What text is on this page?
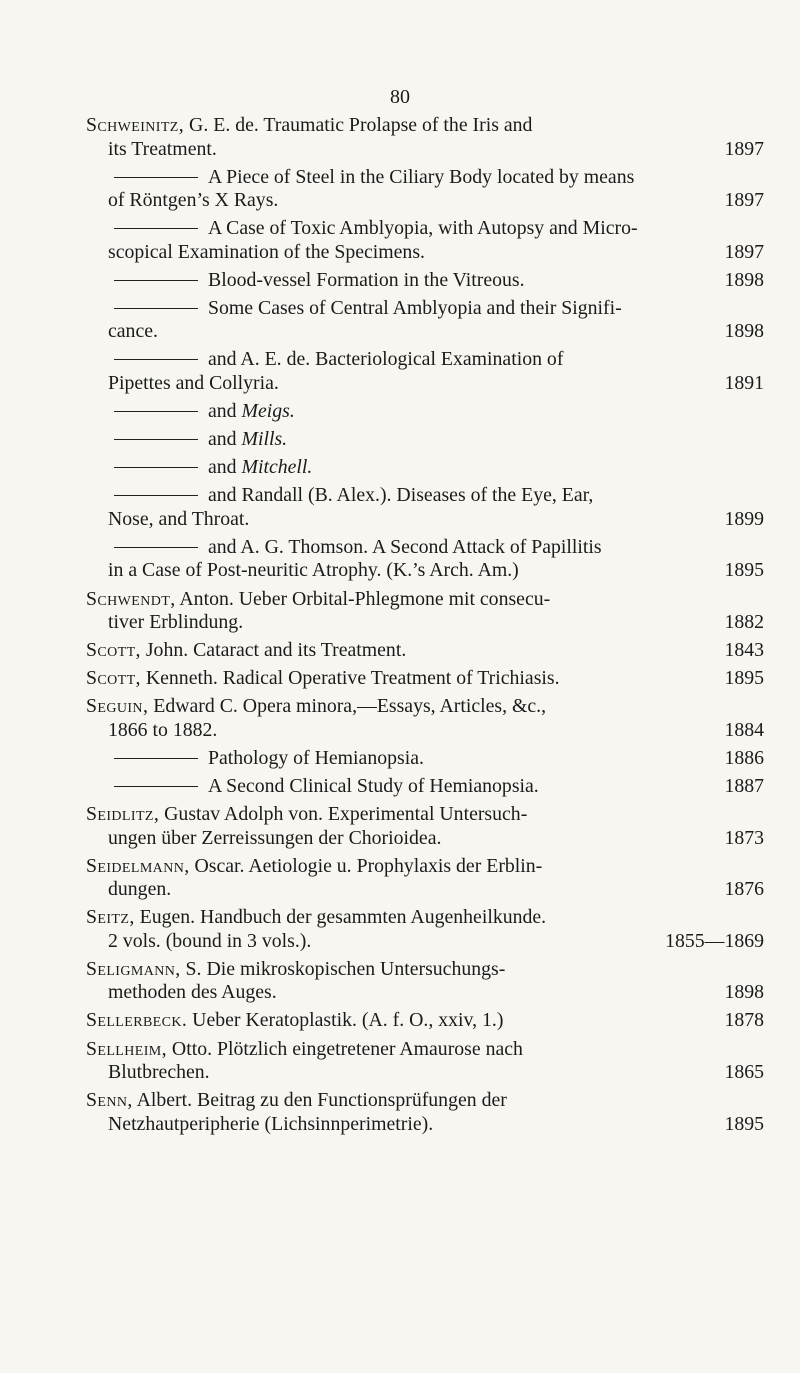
80
Schweinitz, G. E. de. Traumatic Prolapse of the Iris and
its Treatment.	1897
A Piece of Steel in the Ciliary Body located by means
of Röntgen’s X Rays.	1897
A Case of Toxic Amblyopia, with Autopsy and Micro-
scopical Examination of the Specimens.	1897
Blood-vessel Formation in the Vitreous.	1898
Some Cases of Central Amblyopia and their Signifi-
cance.	1898
and A. E. de. Bacteriological Examination of
Pipettes and Collyria.	1891
and Meigs.
and Mills.
and Mitchell.
and Randall (B. Alex.). Diseases of the Eye, Ear,
Nose, and Throat.	1899
and A. G. Thomson. A Second Attack of Papillitis
in a Case of Post-neuritic Atrophy. (K.’s Arch. Am.)	1895
Schwendt, Anton. Ueber Orbital-Phlegmone mit consecu-
tiver Erblindung.	1882
Scott, John. Cataract and its Treatment.	1843
Scott, Kenneth. Radical Operative Treatment of Trichiasis.	1895
Seguin, Edward C. Opera minora,—Essays, Articles, &c.,
1866 to 1882.	1884
Pathology of Hemianopsia.	1886
A Second Clinical Study of Hemianopsia.	1887
Seidlitz, Gustav Adolph von. Experimental Untersuch-
ungen über Zerreissungen der Chorioidea.	1873
Seidelmann, Oscar. Aetiologie u. Prophylaxis der Erblin-
dungen.	1876
Seitz, Eugen. Handbuch der gesammten Augenheilkunde.
2 vols. (bound in 3 vols.).	1855—1869
Seligmann, S. Die mikroskopischen Untersuchungs-
methoden des Auges.	1898
Sellerbeck. Ueber Keratoplastik. (A. f. O., xxiv, 1.)	1878
Sellheim, Otto. Plötzlich eingetretener Amaurose nach
Blutbrechen.	1865
Senn, Albert. Beitrag zu den Functionsprüfungen der
Netzhautperipherie (Lichsinnperimetrie).	1895
